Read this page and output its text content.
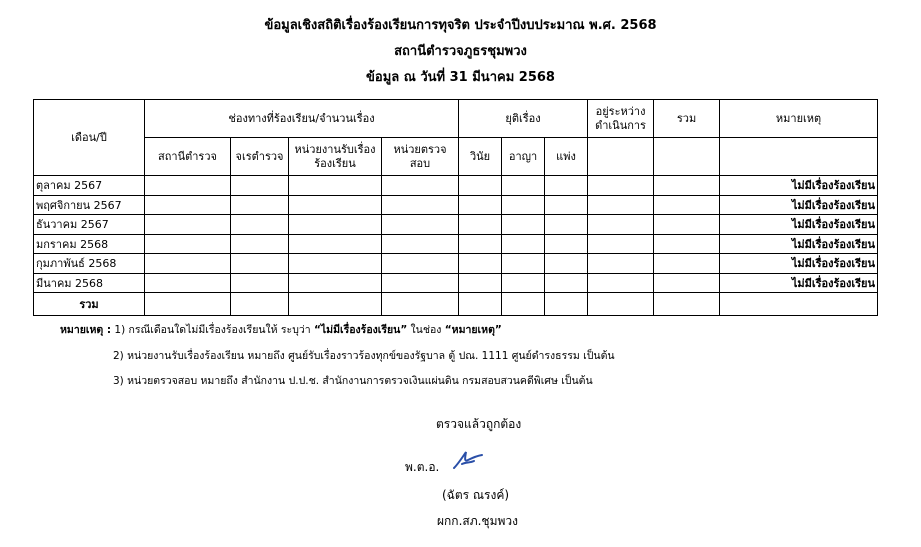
ข้อมูลเชิงสถิติเรื่องร้องเรียนการทุจริต ประจำปีงบประมาณ พ.ศ. 2568
สถานีตำรวจภูธรชุมพวง
ข้อมูล ณ วันที่ 31 มีนาคม 2568
เดือน/ปี	ช่องทางที่ร้องเรียน/จำนวนเรื่อง				ยุติเรื่อง			อยู่ระหว่างดำเนินการ	รวม	หมายเหตุ
	สถานีตำรวจ	จเรตำรวจ	หน่วยงานรับเรื่องร้องเรียน	หน่วยตรวจสอบ	วินัย	อาญา	แพ่ง			
ตุลาคม 2567										ไม่มีเรื่องร้องเรียน
พฤศจิกายน 2567										ไม่มีเรื่องร้องเรียน
ธันวาคม 2567										ไม่มีเรื่องร้องเรียน
มกราคม 2568										ไม่มีเรื่องร้องเรียน
กุมภาพันธ์ 2568										ไม่มีเรื่องร้องเรียน
มีนาคม 2568										ไม่มีเรื่องร้องเรียน
รวม										
หมายเหตุ : 1) กรณีเดือนใดไม่มีเรื่องร้องเรียนให้ ระบุว่า “ไม่มีเรื่องร้องเรียน” ในช่อง “หมายเหตุ”
2) หน่วยงานรับเรื่องร้องเรียน หมายถึง ศูนย์รับเรื่องราวร้องทุกข์ของรัฐบาล ตู้ ปณ. 1111 ศูนย์ดำรงธรรม เป็นต้น
3) หน่วยตรวจสอบ หมายถึง สำนักงาน ป.ป.ช. สำนักงานการตรวจเงินแผ่นดิน กรมสอบสวนคดีพิเศษ เป็นต้น
ตรวจแล้วถูกต้อง
พ.ต.อ.
(ฉัตร ณรงค์)
ผกก.สภ.ชุมพวง
